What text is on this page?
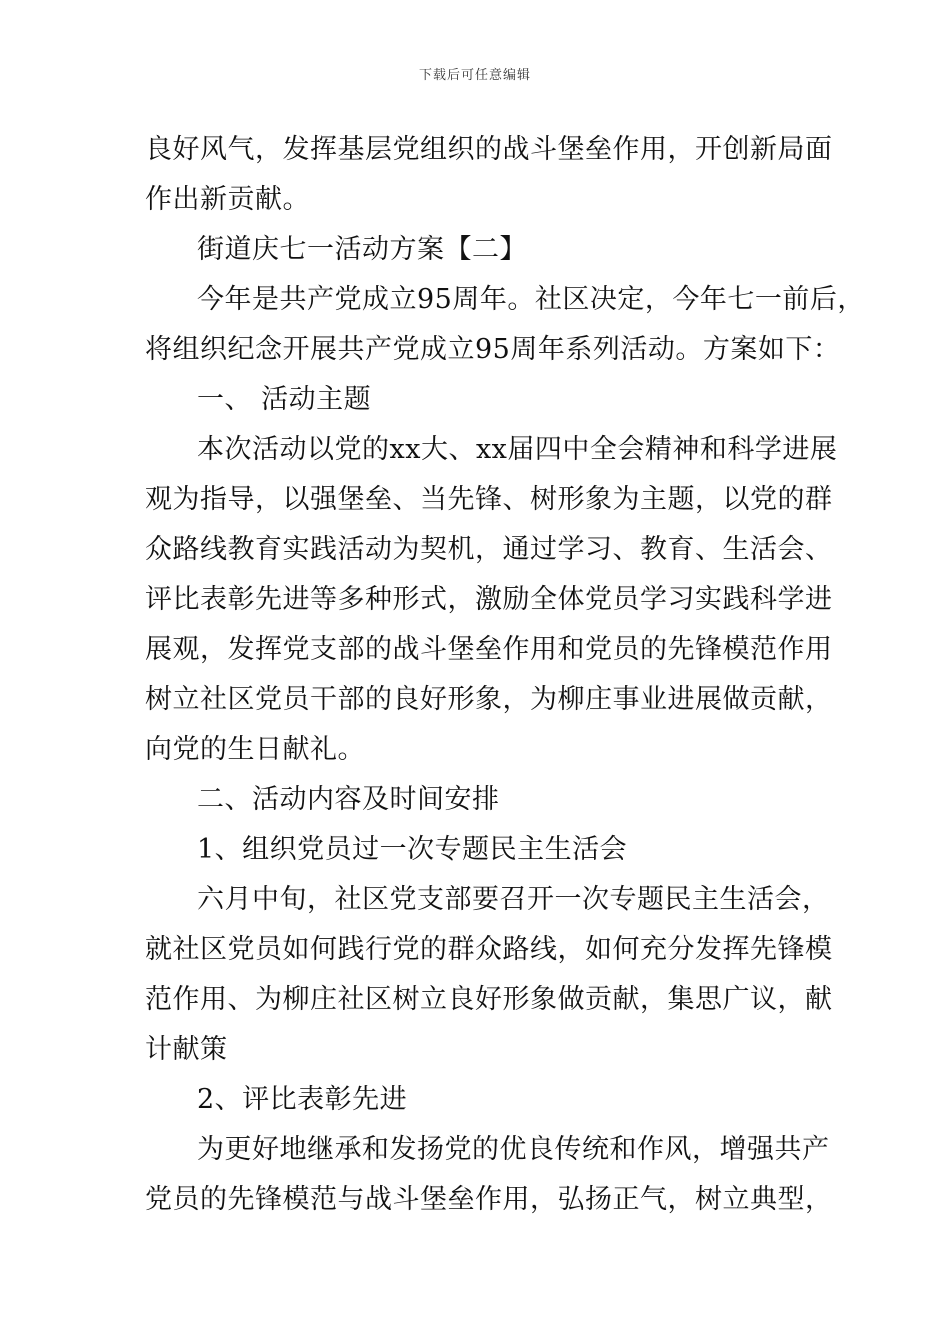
下载后可任意编辑
良好风气，发挥基层党组织的战斗堡垒作用，开创新局面
作出新贡献。
街道庆七一活动方案【二】
今年是共产党成立95周年。社区决定，今年七一前后，
将组织纪念开展共产党成立95周年系列活动。方案如下：
一、 活动主题
本次活动以党的xx大、xx届四中全会精神和科学进展
观为指导，以强堡垒、当先锋、树形象为主题，以党的群
众路线教育实践活动为契机，通过学习、教育、生活会、
评比表彰先进等多种形式，激励全体党员学习实践科学进
展观，发挥党支部的战斗堡垒作用和党员的先锋模范作用
树立社区党员干部的良好形象，为柳庄事业进展做贡献，
向党的生日献礼。
二、活动内容及时间安排
1、组织党员过一次专题民主生活会
六月中旬，社区党支部要召开一次专题民主生活会，
就社区党员如何践行党的群众路线，如何充分发挥先锋模
范作用、为柳庄社区树立良好形象做贡献，集思广议，献
计献策
2、评比表彰先进
为更好地继承和发扬党的优良传统和作风，增强共产
党员的先锋模范与战斗堡垒作用，弘扬正气，树立典型，
